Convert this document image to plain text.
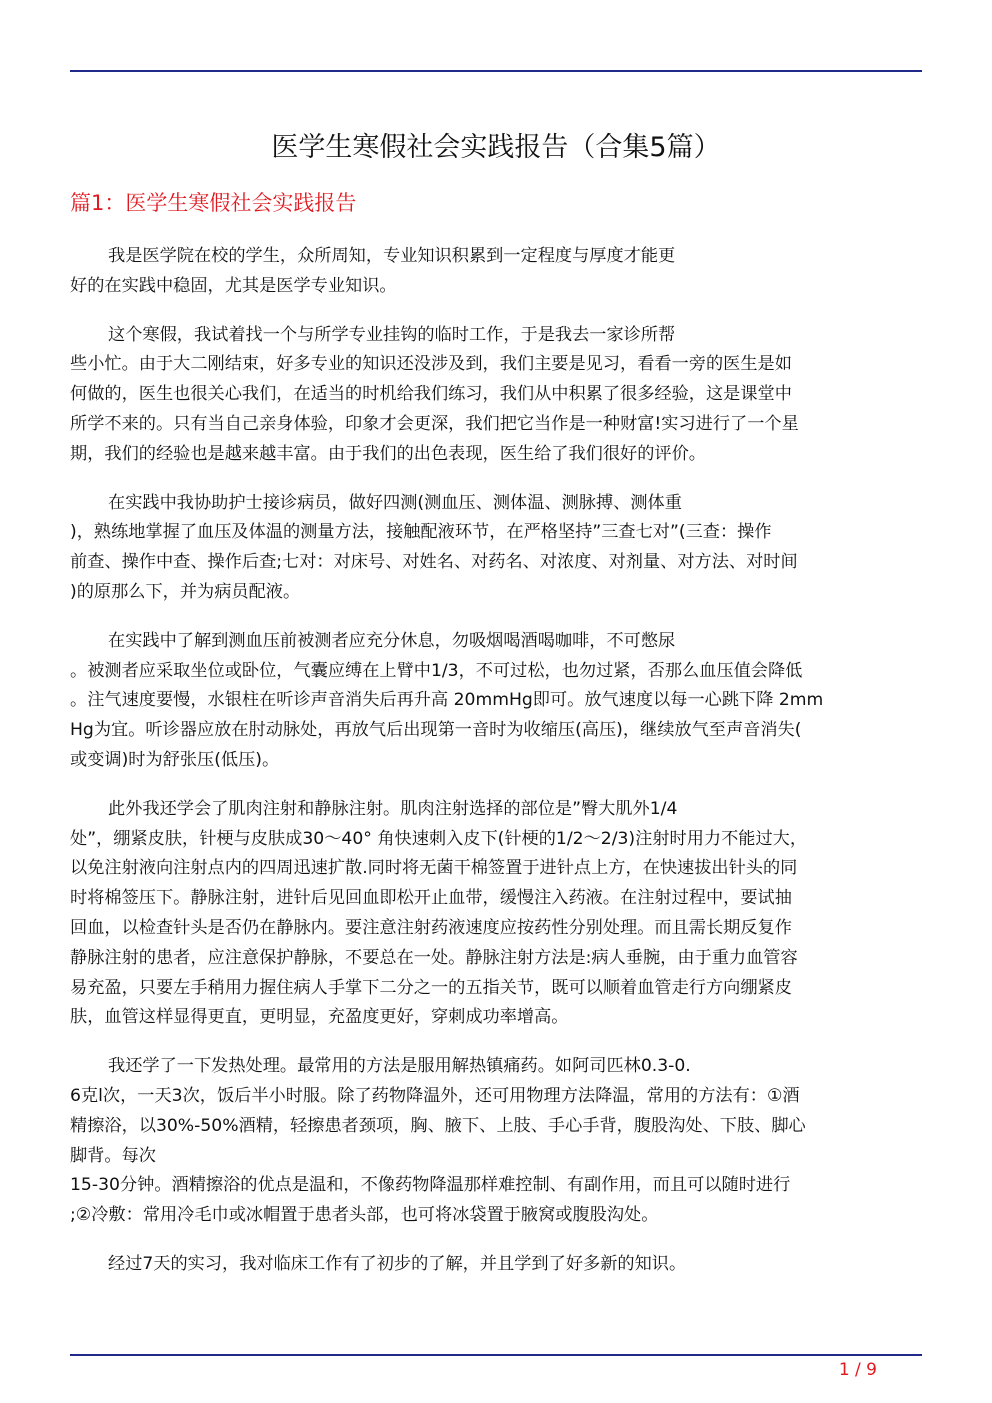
医学生寒假社会实践报告（合集5篇）
篇1：医学生寒假社会实践报告

我是医学院在校的学生，众所周知，专业知识积累到一定程度与厚度才能更
好的在实践中稳固，尤其是医学专业知识。

这个寒假，我试着找一个与所学专业挂钩的临时工作，于是我去一家诊所帮
些小忙。由于大二刚结束，好多专业的知识还没涉及到，我们主要是见习，看看一旁的医生是如
何做的，医生也很关心我们，在适当的时机给我们练习，我们从中积累了很多经验，这是课堂中
所学不来的。只有当自己亲身体验，印象才会更深，我们把它当作是一种财富!实习进行了一个星
期，我们的经验也是越来越丰富。由于我们的出色表现，医生给了我们很好的评价。

在实践中我协助护士接诊病员，做好四测(测血压、测体温、测脉搏、测体重
)，熟练地掌握了血压及体温的测量方法，接触配液环节，在严格坚持”三查七对”(三查：操作
前查、操作中查、操作后查;七对：对床号、对姓名、对药名、对浓度、对剂量、对方法、对时间
)的原那么下，并为病员配液。

在实践中了解到测血压前被测者应充分休息，勿吸烟喝酒喝咖啡，不可憋尿
。被测者应采取坐位或卧位，气囊应缚在上臂中1/3，不可过松，也勿过紧，否那么血压值会降低
。注气速度要慢，水银柱在听诊声音消失后再升高 20mmHg即可。放气速度以每一心跳下降 2mm
Hg为宜。听诊器应放在肘动脉处，再放气后出现第一音时为收缩压(高压)，继续放气至声音消失(
或变调)时为舒张压(低压)。

此外我还学会了肌肉注射和静脉注射。肌肉注射选择的部位是”臀大肌外1/4
处”，绷紧皮肤，针梗与皮肤成30～40° 角快速刺入皮下(针梗的1/2～2/3)注射时用力不能过大，
以免注射液向注射点内的四周迅速扩散.同时将无菌干棉签置于进针点上方，在快速拔出针头的同
时将棉签压下。静脉注射，进针后见回血即松开止血带，缓慢注入药液。在注射过程中，要试抽
回血，以检查针头是否仍在静脉内。要注意注射药液速度应按药性分别处理。而且需长期反复作
静脉注射的患者，应注意保护静脉，不要总在一处。静脉注射方法是:病人垂腕，由于重力血管容
易充盈，只要左手稍用力握住病人手掌下二分之一的五指关节，既可以顺着血管走行方向绷紧皮
肤，血管这样显得更直，更明显，充盈度更好，穿刺成功率增高。

我还学了一下发热处理。最常用的方法是服用解热镇痛药。如阿司匹林0.3-0.
6克l次，一天3次，饭后半小时服。除了药物降温外，还可用物理方法降温，常用的方法有：①酒
精擦浴，以30%-50%酒精，轻擦患者颈项，胸、腋下、上肢、手心手背，腹股沟处、下肢、脚心
脚背。每次
15-30分钟。酒精擦浴的优点是温和，不像药物降温那样难控制、有副作用，而且可以随时进行
;②冷敷：常用冷毛巾或冰帽置于患者头部，也可将冰袋置于腋窝或腹股沟处。

经过7天的实习，我对临床工作有了初步的了解，并且学到了好多新的知识。

1 / 9
